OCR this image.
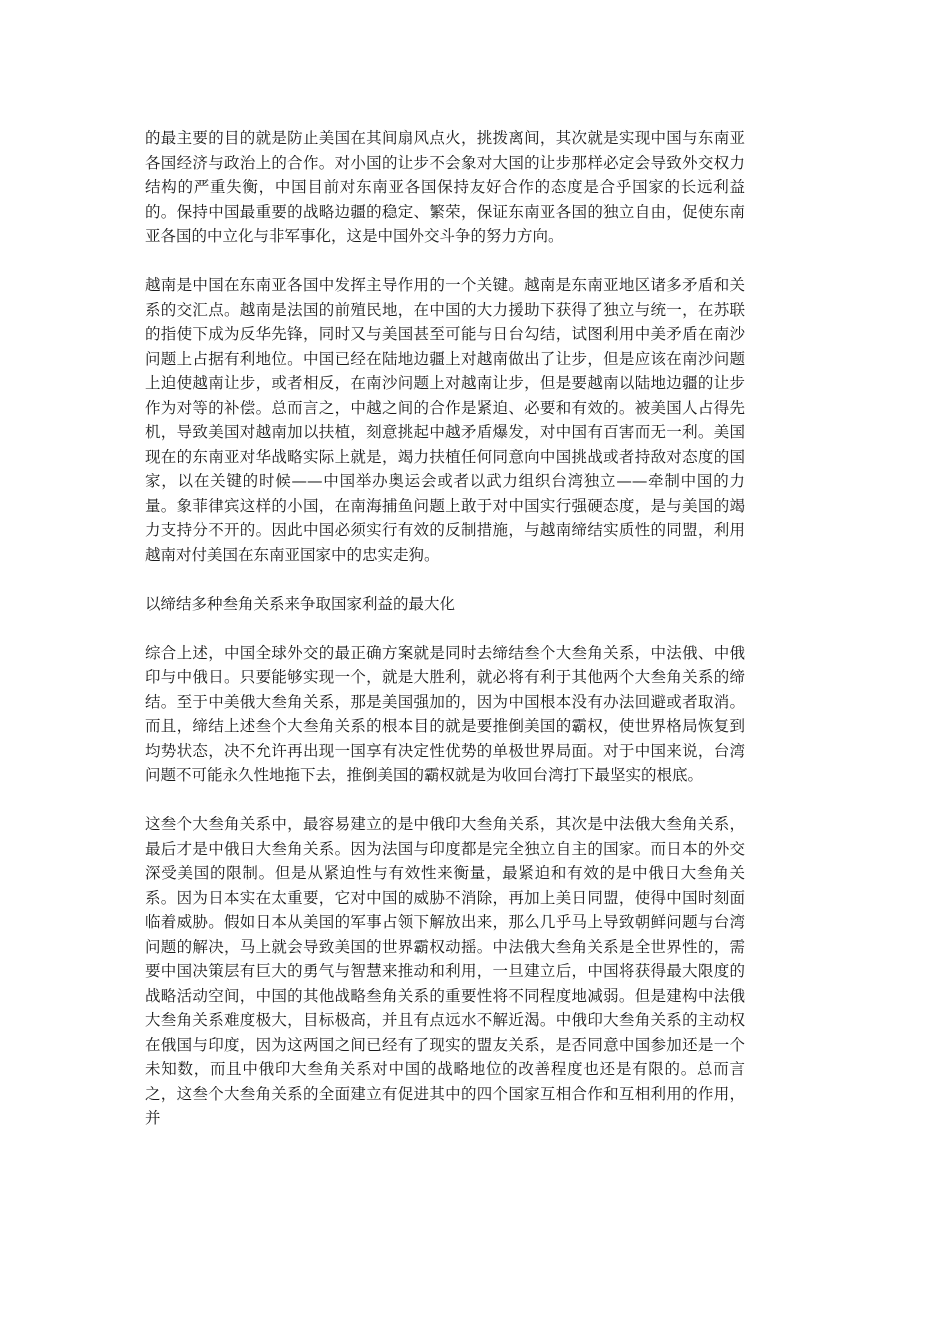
的最主要的目的就是防止美国在其间扇风点火，挑拨离间，其次就是实现中国与东南亚各国经济与政治上的合作。对小国的让步不会象对大国的让步那样必定会导致外交权力结构的严重失衡，中国目前对东南亚各国保持友好合作的态度是合乎国家的长远利益的。保持中国最重要的战略边疆的稳定、繁荣，保证东南亚各国的独立自由，促使东南亚各国的中立化与非军事化，这是中国外交斗争的努力方向。

越南是中国在东南亚各国中发挥主导作用的一个关键。越南是东南亚地区诸多矛盾和关系的交汇点。越南是法国的前殖民地，在中国的大力援助下获得了独立与统一，在苏联的指使下成为反华先锋，同时又与美国甚至可能与日台勾结，试图利用中美矛盾在南沙问题上占据有利地位。中国已经在陆地边疆上对越南做出了让步，但是应该在南沙问题上迫使越南让步，或者相反，在南沙问题上对越南让步，但是要越南以陆地边疆的让步作为对等的补偿。总而言之，中越之间的合作是紧迫、必要和有效的。被美国人占得先机，导致美国对越南加以扶植，刻意挑起中越矛盾爆发，对中国有百害而无一利。美国现在的东南亚对华战略实际上就是，竭力扶植任何同意向中国挑战或者持敌对态度的国家，以在关键的时候——中国举办奥运会或者以武力组织台湾独立——牵制中国的力量。象菲律宾这样的小国，在南海捕鱼问题上敢于对中国实行强硬态度，是与美国的竭力支持分不开的。因此中国必须实行有效的反制措施，与越南缔结实质性的同盟，利用越南对付美国在东南亚国家中的忠实走狗。

以缔结多种叁角关系来争取国家利益的最大化

综合上述，中国全球外交的最正确方案就是同时去缔结叁个大叁角关系，中法俄、中俄印与中俄日。只要能够实现一个，就是大胜利，就必将有利于其他两个大叁角关系的缔结。至于中美俄大叁角关系，那是美国强加的，因为中国根本没有办法回避或者取消。而且，缔结上述叁个大叁角关系的根本目的就是要推倒美国的霸权，使世界格局恢复到均势状态，决不允许再出现一国享有决定性优势的单极世界局面。对于中国来说，台湾问题不可能永久性地拖下去，推倒美国的霸权就是为收回台湾打下最坚实的根底。

这叁个大叁角关系中，最容易建立的是中俄印大叁角关系，其次是中法俄大叁角关系，最后才是中俄日大叁角关系。因为法国与印度都是完全独立自主的国家。而日本的外交深受美国的限制。但是从紧迫性与有效性来衡量，最紧迫和有效的是中俄日大叁角关系。因为日本实在太重要，它对中国的威胁不消除，再加上美日同盟，使得中国时刻面临着威胁。假如日本从美国的军事占领下解放出来，那么几乎马上导致朝鲜问题与台湾问题的解决，马上就会导致美国的世界霸权动摇。中法俄大叁角关系是全世界性的，需要中国决策层有巨大的勇气与智慧来推动和利用，一旦建立后，中国将获得最大限度的战略活动空间，中国的其他战略叁角关系的重要性将不同程度地减弱。但是建构中法俄大叁角关系难度极大，目标极高，并且有点远水不解近渴。中俄印大叁角关系的主动权在俄国与印度，因为这两国之间已经有了现实的盟友关系，是否同意中国参加还是一个未知数，而且中俄印大叁角关系对中国的战略地位的改善程度也还是有限的。总而言之，这叁个大叁角关系的全面建立有促进其中的四个国家互相合作和互相利用的作用，并
